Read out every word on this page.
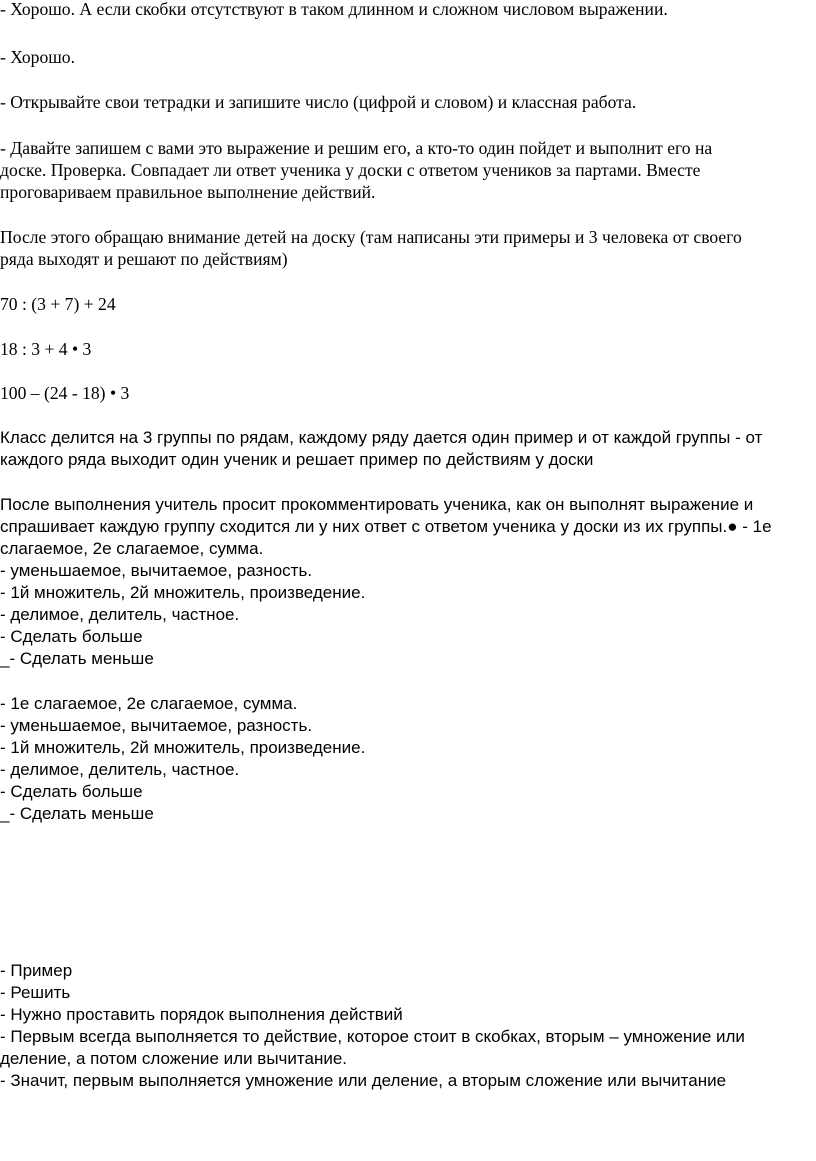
- Хорошо. А если скобки отсутствуют в таком длинном и сложном числовом выражении.
- Хорошо.
- Открывайте свои тетрадки и запишите число (цифрой и словом) и классная работа.
- Давайте запишем с вами это выражение и решим его, а кто-то один пойдет и выполнит его на
доске. Проверка. Совпадает ли ответ ученика у доски с ответом учеников за партами. Вместе
проговариваем правильное выполнение действий.
После этого обращаю внимание детей на доску (там написаны эти примеры и 3 человека от своего
ряда выходят и решают по действиям)
70 : (3 + 7) + 24
18 : 3 + 4 • 3
100 – (24 - 18) • 3
Класс делится на 3 группы по рядам, каждому ряду дается один пример и от каждой группы - от
каждого ряда выходит один ученик и решает пример по действиям у доски
После выполнения учитель просит прокомментировать ученика, как он выполнят выражение и
спрашивает каждую группу сходится ли у них ответ с ответом ученика у доски из их группы.● - 1е
слагаемое, 2е слагаемое, сумма.
- уменьшаемое, вычитаемое, разность.
- 1й множитель, 2й множитель, произведение.
- делимое, делитель, частное.
- Сделать больше
_- Сделать меньше
- 1е слагаемое, 2е слагаемое, сумма.
- уменьшаемое, вычитаемое, разность.
- 1й множитель, 2й множитель, произведение.
- делимое, делитель, частное.
- Сделать больше
_- Сделать меньше
- Пример
- Решить
- Нужно проставить порядок выполнения действий
- Первым всегда выполняется то действие, которое стоит в скобках, вторым – умножение или
деление, а потом сложение или вычитание.
- Значит, первым выполняется умножение или деление, а вторым сложение или вычитание
